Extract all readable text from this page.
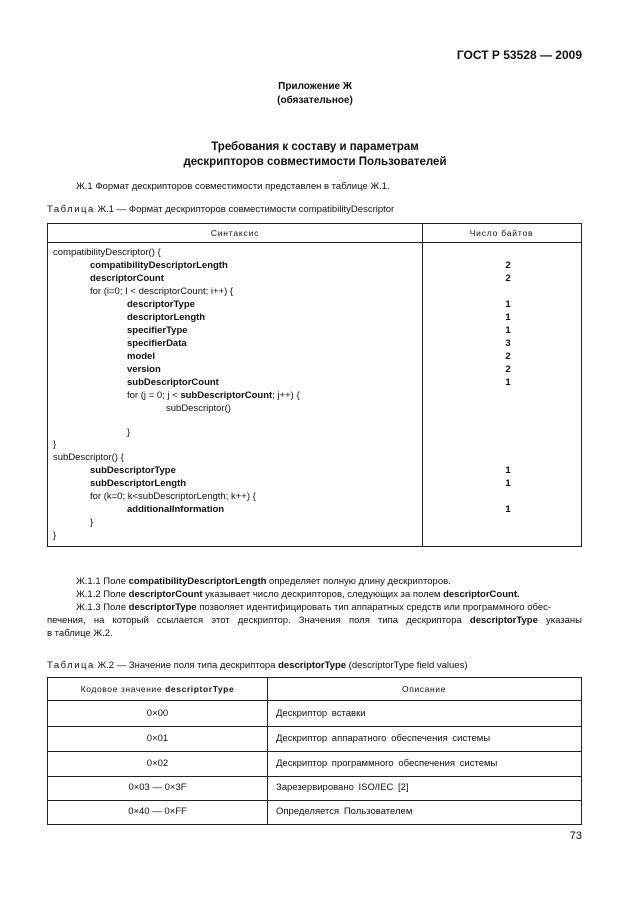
ГОСТ Р 53528 — 2009
Приложение Ж
(обязательное)
Требования к составу и параметрам
дескрипторов совместимости Пользователей
Ж.1 Формат дескрипторов совместимости представлен в таблице Ж.1.
Таблица Ж.1 — Формат дескрипторов совместимости compatibilityDescriptor
Синтаксис	Число байтов
compatibilityDescriptor() {
compatibilityDescriptorLength	2
descriptorCount	2
for (i=0; I < descriptorCount; i++) {
descriptorType	1
descriptorLength	1
specifierType	1
specifierData	3
model	2
version	2
subDescriptorCount	1
for (j = 0; j < subDescriptorCount; j++) {
subDescriptor()
}
}
subDescriptor() {
subDescriptorType	1
subDescriptorLength	1
for (k=0; k<subDescriptorLength; k++) {
additionalInformation	1
}
}
Ж.1.1 Поле compatibilityDescriptorLength определяет полную длину дескрипторов.
Ж.1.2 Поле descriptorCount указывает число дескрипторов, следующих за полем descriptorCount.
Ж.1.3 Поле descriptorType позволяет идентифицировать тип аппаратных средств или программного обес-
печения, на который ссылается этот дескриптор. Значения поля типа дескриптора descriptorType указаны
в таблице Ж.2.
Таблица Ж.2 — Значение поля типа дескриптора descriptorType (descriptorType field values)
Кодовое значение descriptorType	Описание
0×00	Дескриптор вставки
0×01	Дескриптор аппаратного обеспечения системы
0×02	Дескриптор программного обеспечения системы
0×03 — 0×3F	Зарезервировано ISO/IEC [2]
0×40 — 0×FF	Определяется Пользователем
73
